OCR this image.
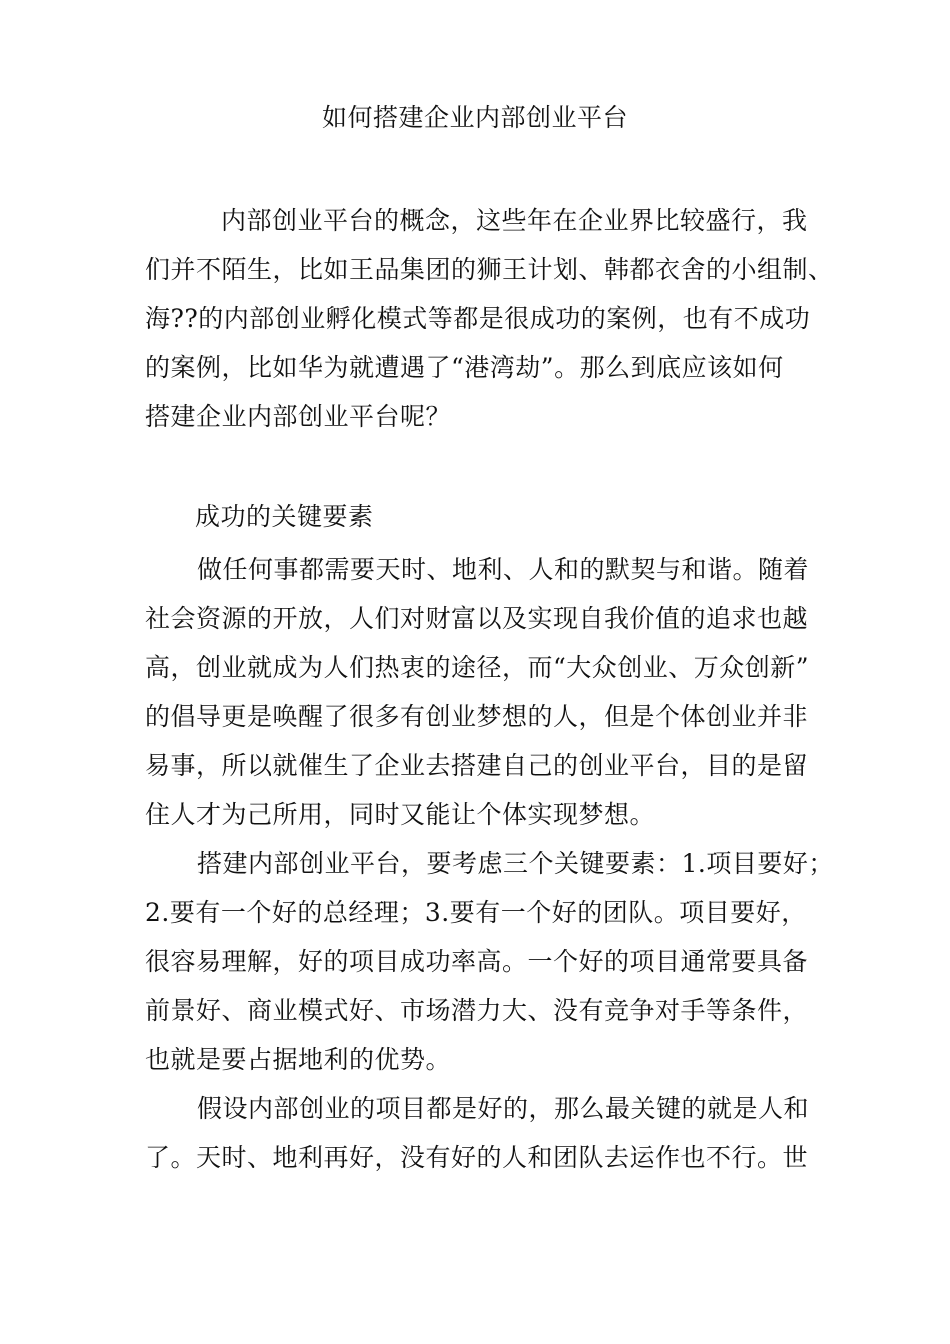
如何搭建企业内部创业平台
内部创业平台的概念，这些年在企业界比较盛行，我
们并不陌生，比如王品集团的狮王计划、韩都衣舍的小组制、
海??的内部创业孵化模式等都是很成功的案例，也有不成功
的案例，比如华为就遭遇了“港湾劫”。那么到底应该如何
搭建企业内部创业平台呢？
成功的关键要素
做任何事都需要天时、地利、人和的默契与和谐。随着
社会资源的开放，人们对财富以及实现自我价值的追求也越
高，创业就成为人们热衷的途径，而“大众创业、万众创新”
的倡导更是唤醒了很多有创业梦想的人，但是个体创业并非
易事，所以就催生了企业去搭建自己的创业平台，目的是留
住人才为己所用，同时又能让个体实现梦想。
搭建内部创业平台，要考虑三个关键要素：1.项目要好；
2.要有一个好的总经理；3.要有一个好的团队。项目要好，
很容易理解，好的项目成功率高。一个好的项目通常要具备
前景好、商业模式好、市场潜力大、没有竞争对手等条件，
也就是要占据地利的优势。
假设内部创业的项目都是好的，那么最关键的就是人和
了。天时、地利再好，没有好的人和团队去运作也不行。世
